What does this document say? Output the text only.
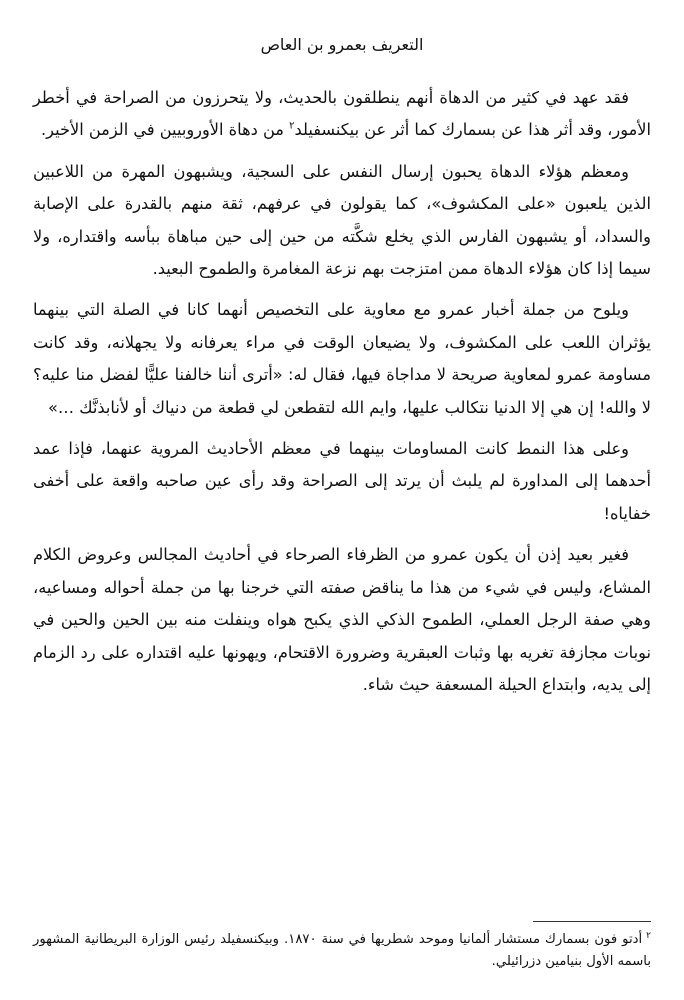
التعريف بعمرو بن العاص

فقد عهد في كثير من الدهاة أنهم ينطلقون بالحديث، ولا يتحرزون من الصراحة في أخطر الأمور، وقد أثر هذا عن بسمارك كما أثر عن بيكنسفيلد$^٢$ من دهاة الأوروبيين في الزمن الأخير.

ومعظم هؤلاء الدهاة يحبون إرسال النفس على السجية، ويشبهون المهرة من اللاعبين الذين يلعبون «على المكشوف»، كما يقولون في عرفهم، ثقة منهم بالقدرة على الإصابة والسداد، أو يشبهون الفارس الذي يخلع شكَّته من حين إلى حين مباهاة ببأسه واقتداره، ولا سيما إذا كان هؤلاء الدهاة ممن امتزجت بهم نزعة المغامرة والطموح البعيد.

ويلوح من جملة أخبار عمرو مع معاوية على التخصيص أنهما كانا في الصلة التي بينهما يؤثران اللعب على المكشوف، ولا يضيعان الوقت في مراء يعرفانه ولا يجهلانه، وقد كانت مساومة عمرو لمعاوية صريحة لا مداجاة فيها، فقال له: «أترى أننا خالفنا عليًّا لفضل منا عليه؟ لا والله! إن هي إلا الدنيا نتكالب عليها، وايم الله لتقطعن لي قطعة من دنياك أو لأنابذنَّك …»

وعلى هذا النمط كانت المساومات بينهما في معظم الأحاديث المروية عنهما، فإذا عمد أحدهما إلى المداورة لم يلبث أن يرتد إلى الصراحة وقد رأى عين صاحبه واقعة على أخفى خفاياه!

فغير بعيد إذن أن يكون عمرو من الظرفاء الصرحاء في أحاديث المجالس وعروض الكلام المشاع، وليس في شيء من هذا ما يناقض صفته التي خرجنا بها من جملة أحواله ومساعيه، وهي صفة الرجل العملي، الطموح الذكي الذي يكبح هواه وينفلت منه بين الحين والحين في نوبات مجازفة تغريه بها وثبات العبقرية وضرورة الاقتحام، ويهونها عليه اقتداره على رد الزمام إلى يديه، وابتداع الحيلة المسعفة حيث شاء.

$^٢$أدتو فون بسمارك مستشار ألمانيا وموحد شطريها في سنة ١٨٧٠. وبيكنسفيلد رئيس الوزارة البريطانية المشهور باسمه الأول بنيامين دزرائيلي.
